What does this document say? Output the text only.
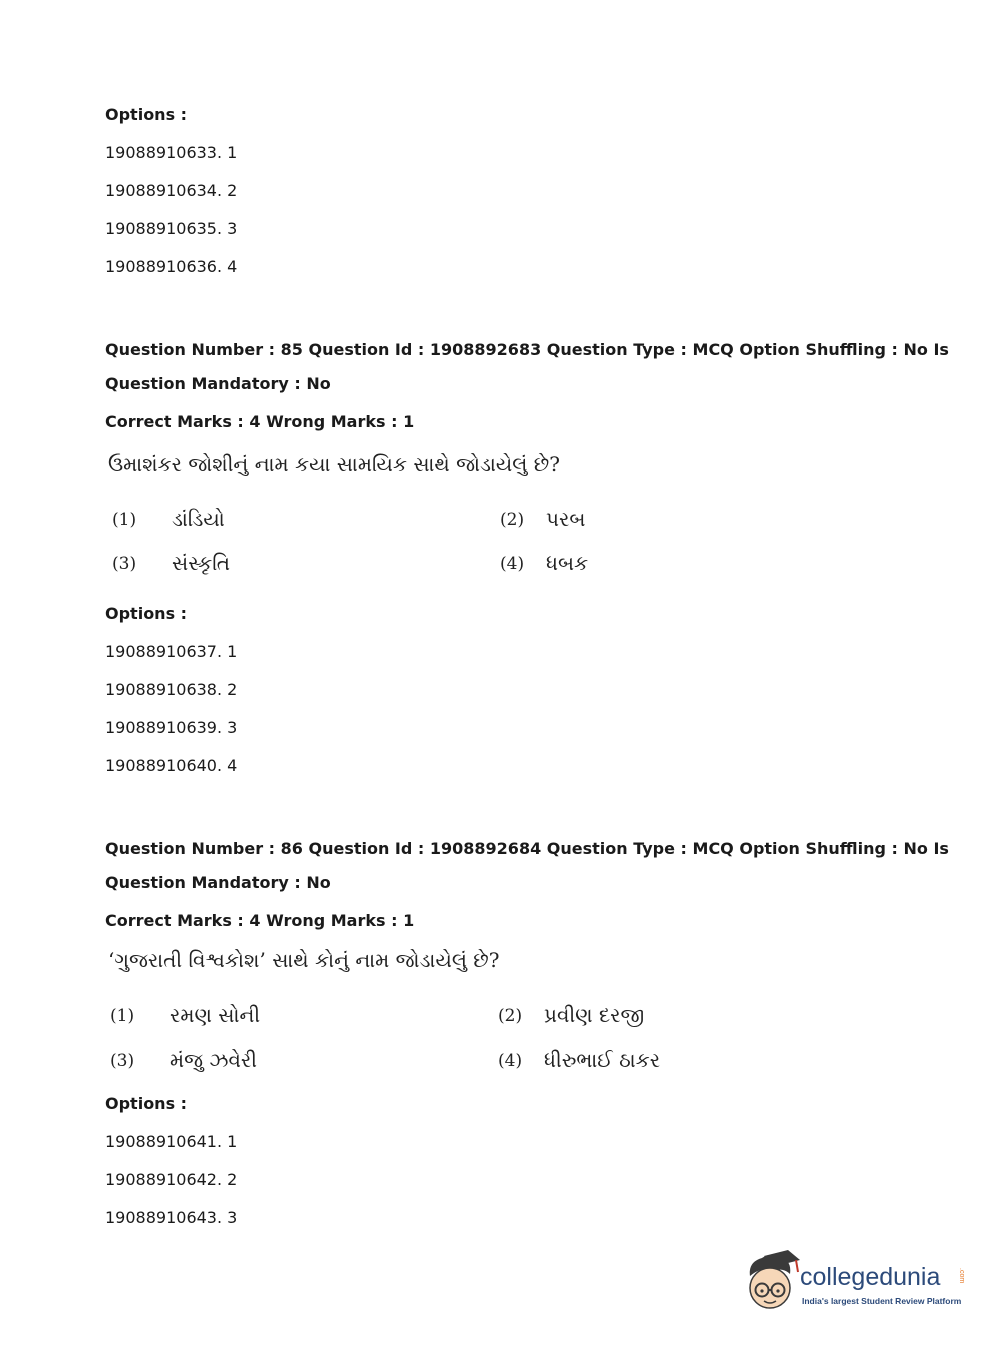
Options :
19088910633. 1
19088910634. 2
19088910635. 3
19088910636. 4
Question Number : 85 Question Id : 1908892683 Question Type : MCQ Option Shuffling : No Is
Question Mandatory : No
Correct Marks : 4 Wrong Marks : 1
ઉમાશંકર જોશીનું નામ કયા સામયિક સાથે જોડાયેલું છે?
(1) ડાંડિયો	(2) પરબ
(3) સંસ્કૃતિ	(4) ધબક
Options :
19088910637. 1
19088910638. 2
19088910639. 3
19088910640. 4
Question Number : 86 Question Id : 1908892684 Question Type : MCQ Option Shuffling : No Is
Question Mandatory : No
Correct Marks : 4 Wrong Marks : 1
‘ગુજરાતી વિશ્વકોશ’ સાથે કોનું નામ જોડાયેલું છે?
(1) રમણ સોની	(2) પ્રવીણ દરજી
(3) મંજુ ઝવેરી	(4) ધીરુભાઈ ઠાકર
Options :
19088910641. 1
19088910642. 2
19088910643. 3
collegedunia	.com
India's largest Student Review Platform
